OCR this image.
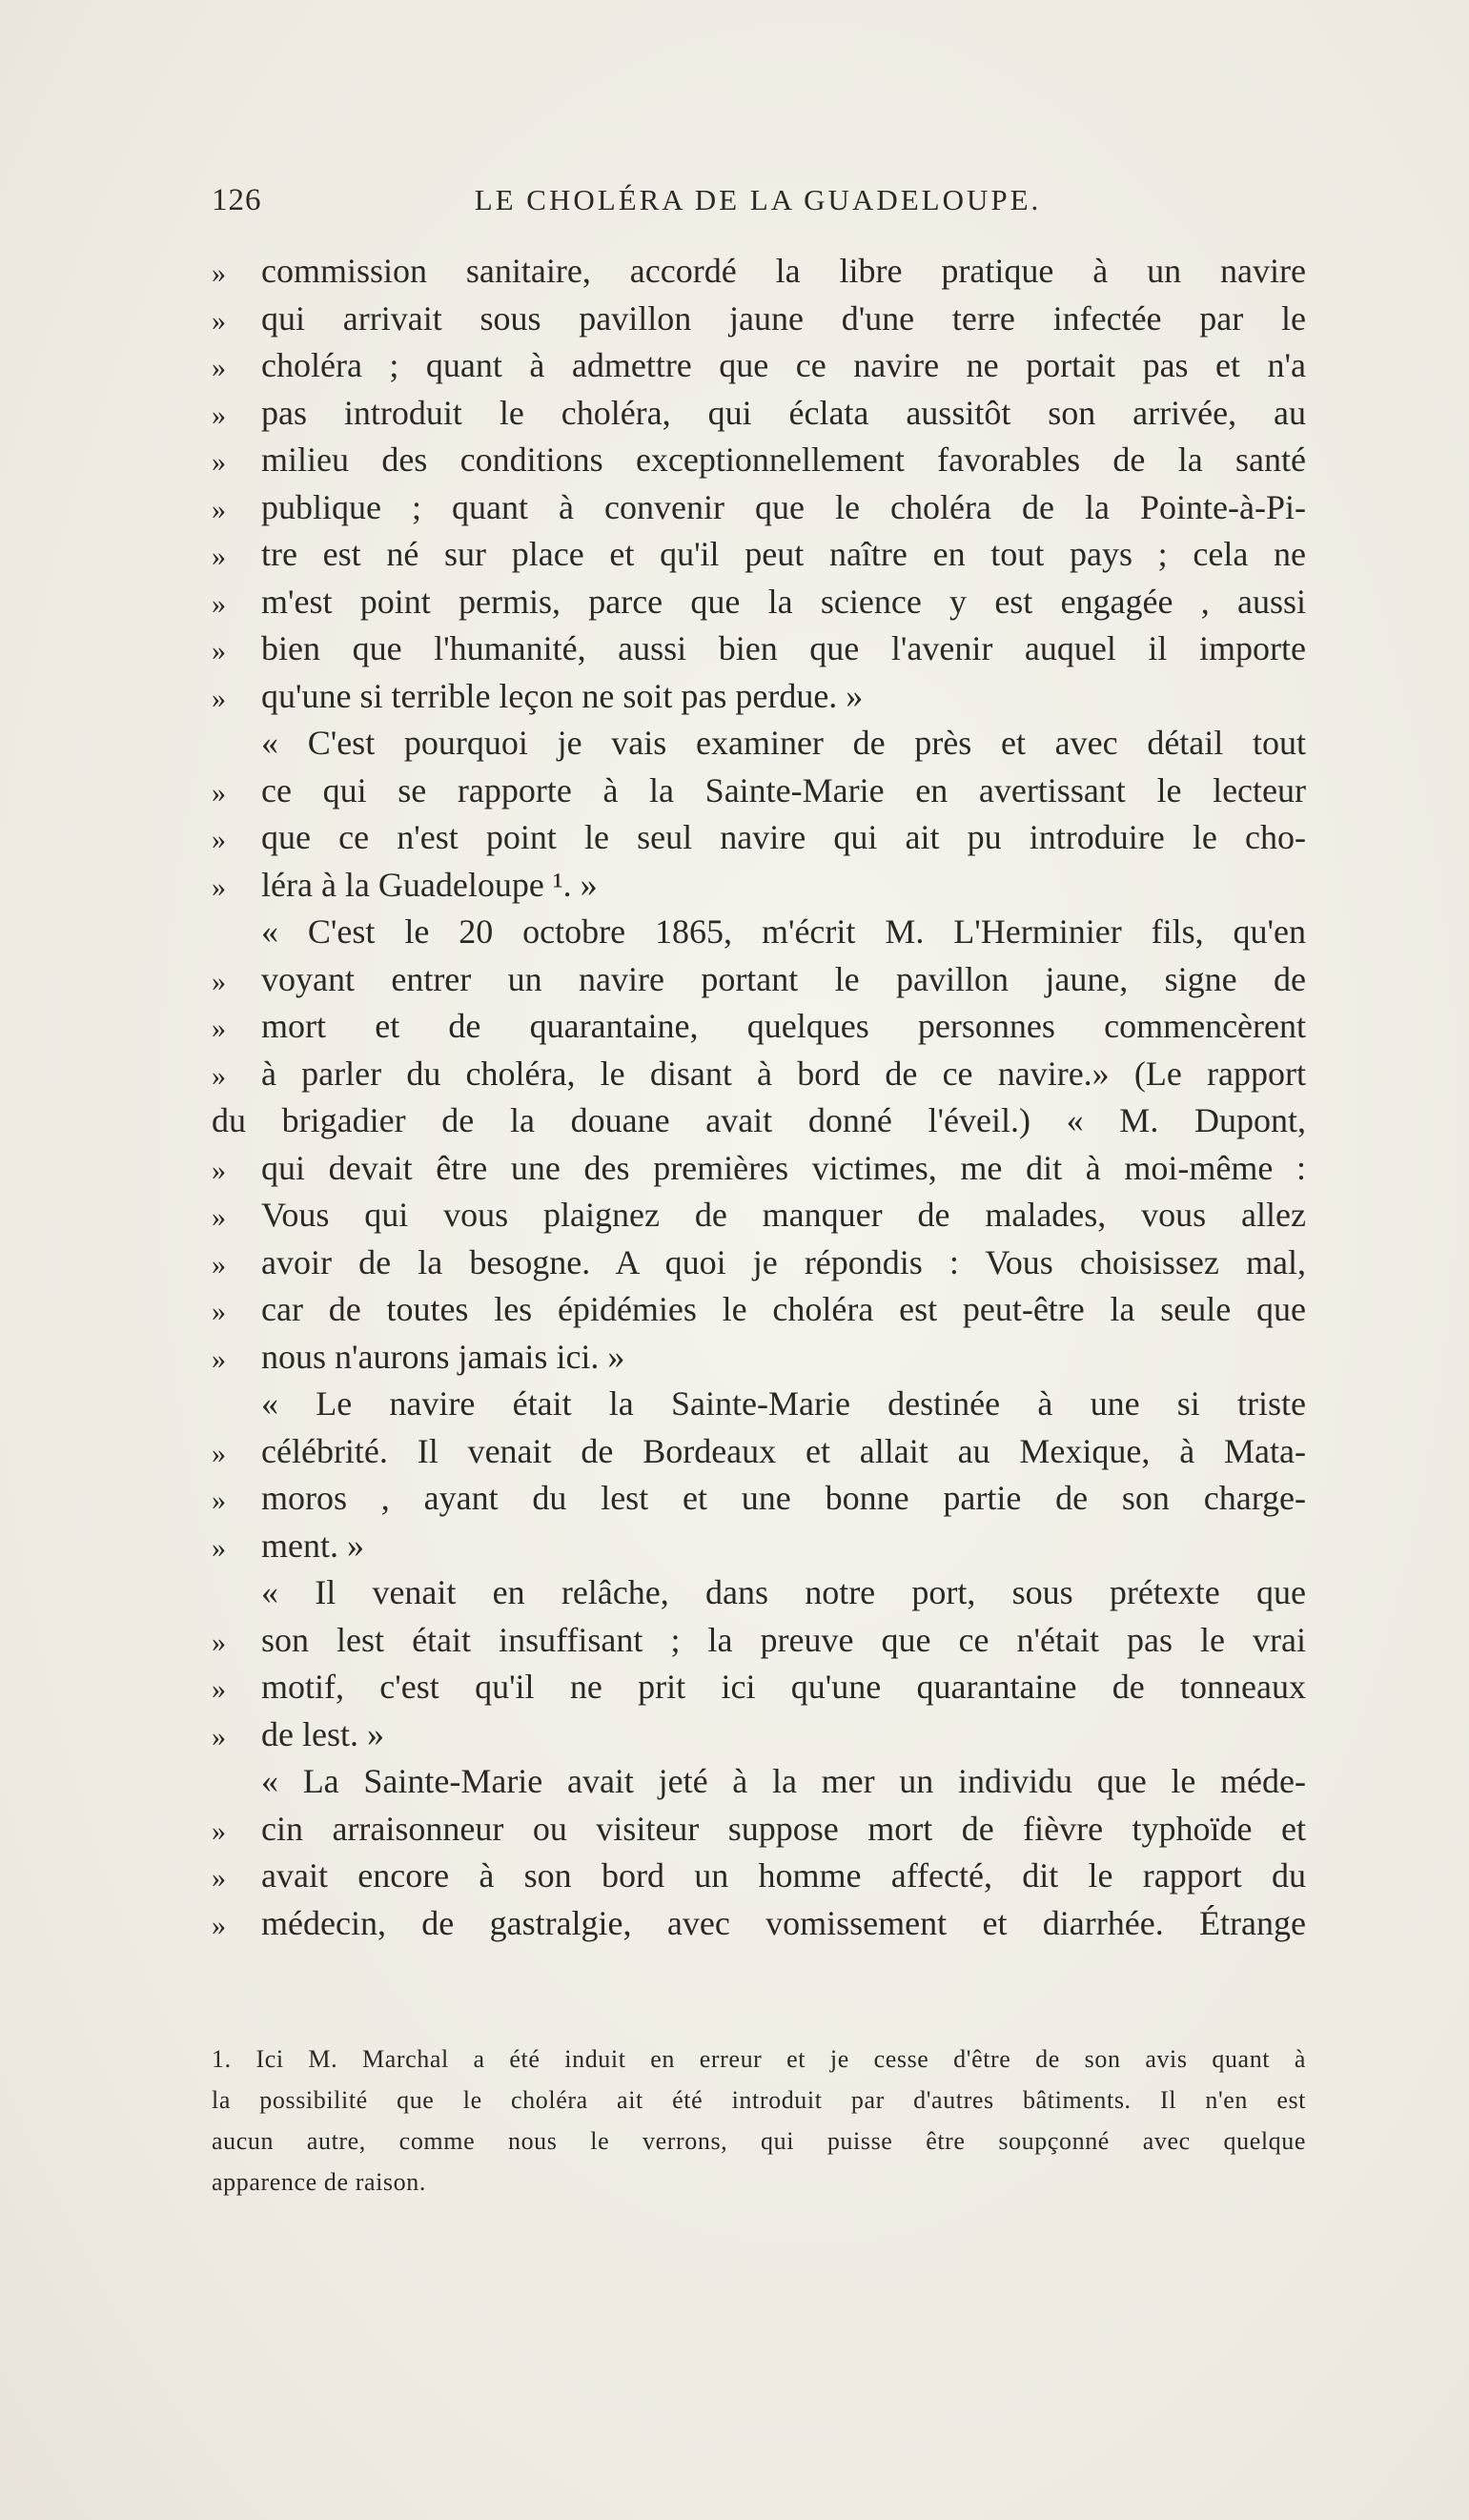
126	LE CHOLÉRA DE LA GUADELOUPE.
»	commission sanitaire, accordé la libre pratique à un navire
»	qui arrivait sous pavillon jaune d'une terre infectée par le
»	choléra ; quant à admettre que ce navire ne portait pas et n'a
»	pas introduit le choléra, qui éclata aussitôt son arrivée, au
»	milieu des conditions exceptionnellement favorables de la santé
»	publique ; quant à convenir que le choléra de la Pointe-à-Pi-
»	tre est né sur place et qu'il peut naître en tout pays ; cela ne
»	m'est point permis, parce que la science y est engagée , aussi
»	bien que l'humanité, aussi bien que l'avenir auquel il importe
»	qu'une si terrible leçon ne soit pas perdue. »
« C'est pourquoi je vais examiner de près et avec détail tout
»	ce qui se rapporte à la Sainte-Marie en avertissant le lecteur
»	que ce n'est point le seul navire qui ait pu introduire le cho-
»	léra à la Guadeloupe ¹. »
« C'est le 20 octobre 1865, m'écrit M. L'Herminier fils, qu'en
»	voyant entrer un navire portant le pavillon jaune, signe de
»	mort et de quarantaine, quelques personnes commencèrent
»	à parler du choléra, le disant à bord de ce navire.» (Le rapport
du brigadier de la douane avait donné l'éveil.) « M. Dupont,
»	qui devait être une des premières victimes, me dit à moi-même :
»	Vous qui vous plaignez de manquer de malades, vous allez
»	avoir de la besogne. A quoi je répondis : Vous choisissez mal,
»	car de toutes les épidémies le choléra est peut-être la seule que
»	nous n'aurons jamais ici. »
« Le navire était la Sainte-Marie destinée à une si triste
»	célébrité. Il venait de Bordeaux et allait au Mexique, à Mata-
»	moros , ayant du lest et une bonne partie de son charge-
»	ment. »
« Il venait en relâche, dans notre port, sous prétexte que
»	son lest était insuffisant ; la preuve que ce n'était pas le vrai
»	motif, c'est qu'il ne prit ici qu'une quarantaine de tonneaux
»	de lest. »
« La Sainte-Marie avait jeté à la mer un individu que le méde-
»	cin arraisonneur ou visiteur suppose mort de fièvre typhoïde et
»	avait encore à son bord un homme affecté, dit le rapport du
»	médecin, de gastralgie, avec vomissement et diarrhée. Étrange
1. Ici M. Marchal a été induit en erreur et je cesse d'être de son avis quant à
la possibilité que le choléra ait été introduit par d'autres bâtiments. Il n'en est
aucun autre, comme nous le verrons, qui puisse être soupçonné avec quelque
apparence de raison.
